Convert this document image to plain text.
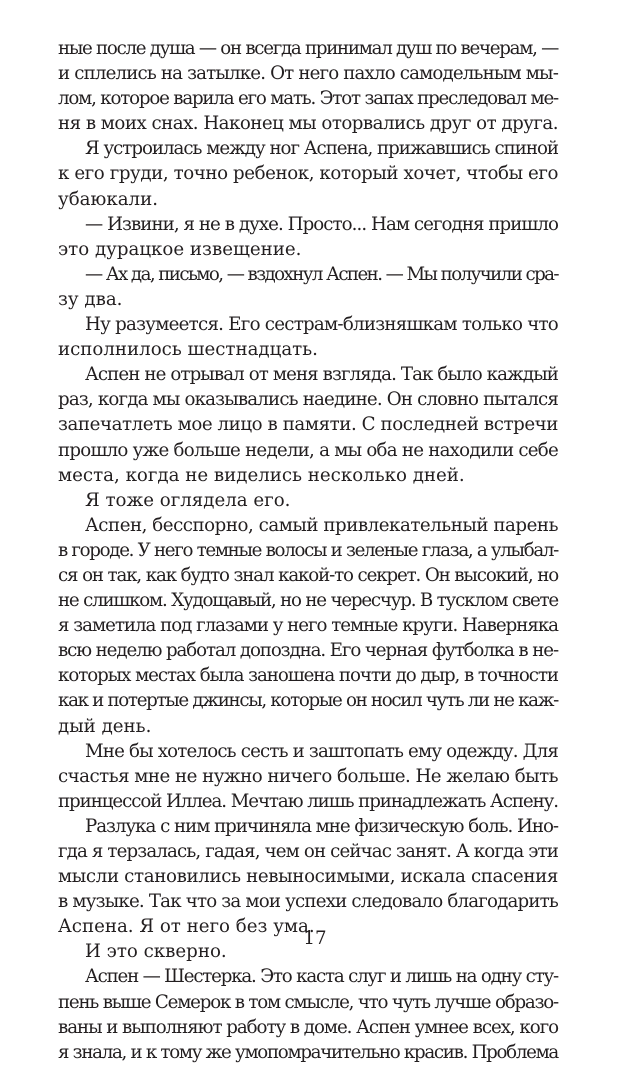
ные после душа — он всегда принимал душ по вечерам, —
и сплелись на затылке. От него пахло самодельным мы-
лом, которое варила его мать. Этот запах преследовал ме-
ня в моих снах. Наконец мы оторвались друг от друга.
Я устроилась между ног Аспена, прижавшись спиной
к его груди, точно ребенок, который хочет, чтобы его
убаюкали.
— Извини, я не в духе. Просто... Нам сегодня пришло
это дурацкое извещение.
— Ах да, письмо, — вздохнул Аспен. — Мы получили сра-
зу два.
Ну разумеется. Его сестрам-близняшкам только что
исполнилось шестнадцать.
Аспен не отрывал от меня взгляда. Так было каждый
раз, когда мы оказывались наедине. Он словно пытался
запечатлеть мое лицо в памяти. С последней встречи
прошло уже больше недели, а мы оба не находили себе
места, когда не виделись несколько дней.
Я тоже оглядела его.
Аспен, бесспорно, самый привлекательный парень
в городе. У него темные волосы и зеленые глаза, а улыбал-
ся он так, как будто знал какой-то секрет. Он высокий, но
не слишком. Худощавый, но не чересчур. В тусклом свете
я заметила под глазами у него темные круги. Наверняка
всю неделю работал допоздна. Его черная футболка в не-
которых местах была заношена почти до дыр, в точности
как и потертые джинсы, которые он носил чуть ли не каж-
дый день.
Мне бы хотелось сесть и заштопать ему одежду. Для
счастья мне не нужно ничего больше. Не желаю быть
принцессой Иллеа. Мечтаю лишь принадлежать Аспену.
Разлука с ним причиняла мне физическую боль. Ино-
гда я терзалась, гадая, чем он сейчас занят. А когда эти
мысли становились невыносимыми, искала спасения
в музыке. Так что за мои успехи следовало благодарить
Аспена. Я от него без ума.
И это скверно.
Аспен — Шестерка. Это каста слуг и лишь на одну сту-
пень выше Семерок в том смысле, что чуть лучше образо-
ваны и выполняют работу в доме. Аспен умнее всех, кого
я знала, и к тому же умопомрачительно красив. Проблема
17
